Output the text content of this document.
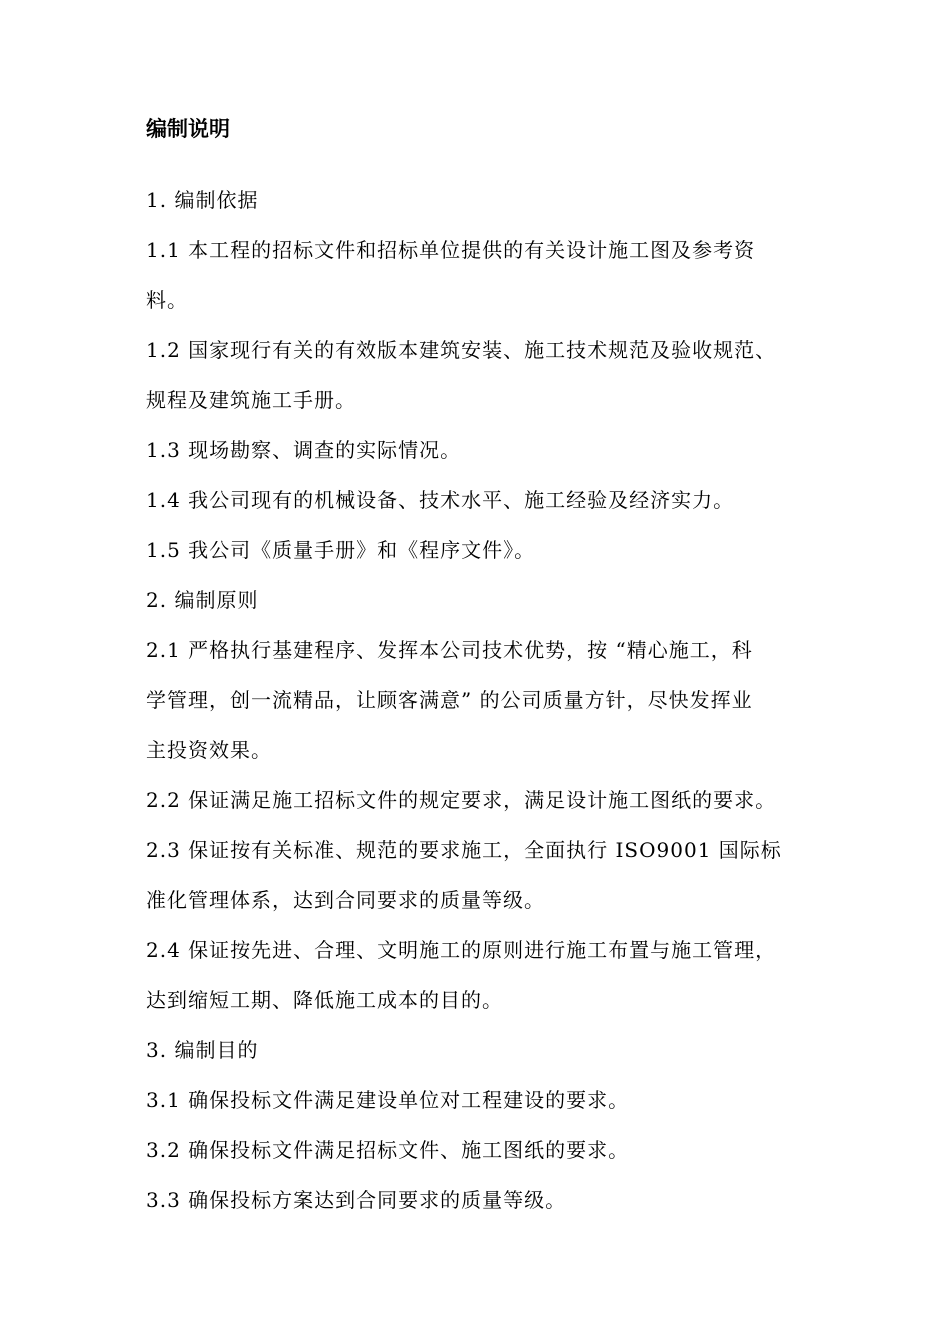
编制说明
1. 编制依据
1.1 本工程的招标文件和招标单位提供的有关设计施工图及参考资
料。
1.2 国家现行有关的有效版本建筑安装、施工技术规范及验收规范、
规程及建筑施工手册。
1.3 现场勘察、调查的实际情况。
1.4 我公司现有的机械设备、技术水平、施工经验及经济实力。
1.5 我公司《质量手册》和《程序文件》。
2. 编制原则
2.1 严格执行基建程序、发挥本公司技术优势，按 “精心施工，科
学管理，创一流精品，让顾客满意” 的公司质量方针，尽快发挥业
主投资效果。
2.2 保证满足施工招标文件的规定要求，满足设计施工图纸的要求。
2.3 保证按有关标准、规范的要求施工，全面执行 ISO9001 国际标
准化管理体系，达到合同要求的质量等级。
2.4 保证按先进、合理、文明施工的原则进行施工布置与施工管理，
达到缩短工期、降低施工成本的目的。
3. 编制目的
3.1 确保投标文件满足建设单位对工程建设的要求。
3.2 确保投标文件满足招标文件、施工图纸的要求。
3.3 确保投标方案达到合同要求的质量等级。
